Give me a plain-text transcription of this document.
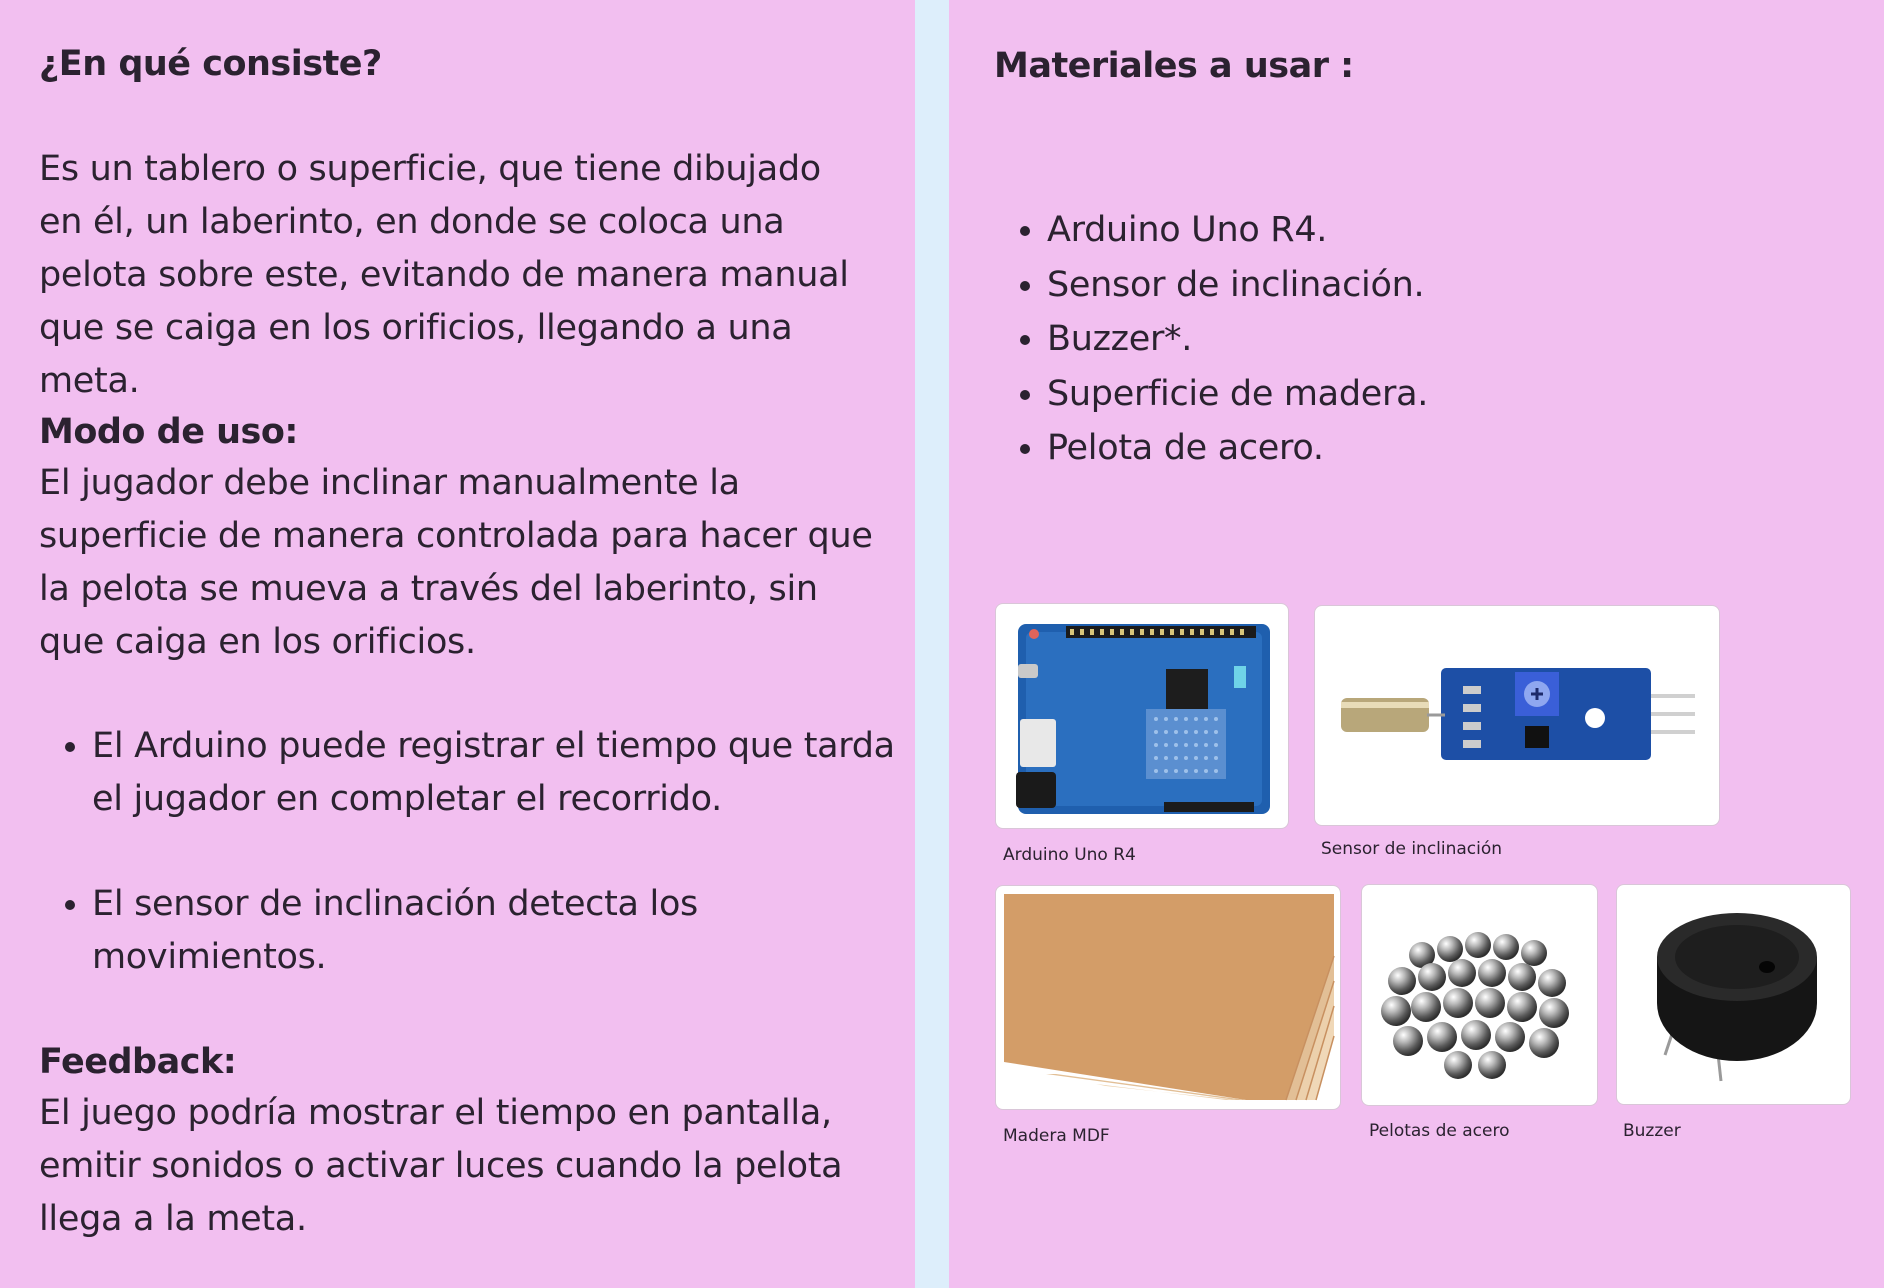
¿En qué consiste?

Es un tablero o superficie, que tiene dibujado en él, un laberinto, en donde se coloca una pelota sobre este, evitando de manera manual que se caiga en los orificios, llegando a una meta.

Modo de uso:

El jugador debe inclinar manualmente la superficie de manera controlada para hacer que la pelota se mueva a través del laberinto, sin que caiga en los orificios.

• El Arduino puede registrar el tiempo que tarda el jugador en completar el recorrido.
• El sensor de inclinación detecta los movimientos.
Feedback:

El juego podría mostrar el tiempo en pantalla, emitir sonidos o activar luces cuando la pelota llega a la meta.

Materiales a usar :
• Arduino Uno R4.
• Sensor de inclinación.
• Buzzer*.
• Superficie de madera.
• Pelota de acero.

Arduino Uno R4	Sensor de inclinación

Madera MDF	Pelotas de acero	Buzzer
